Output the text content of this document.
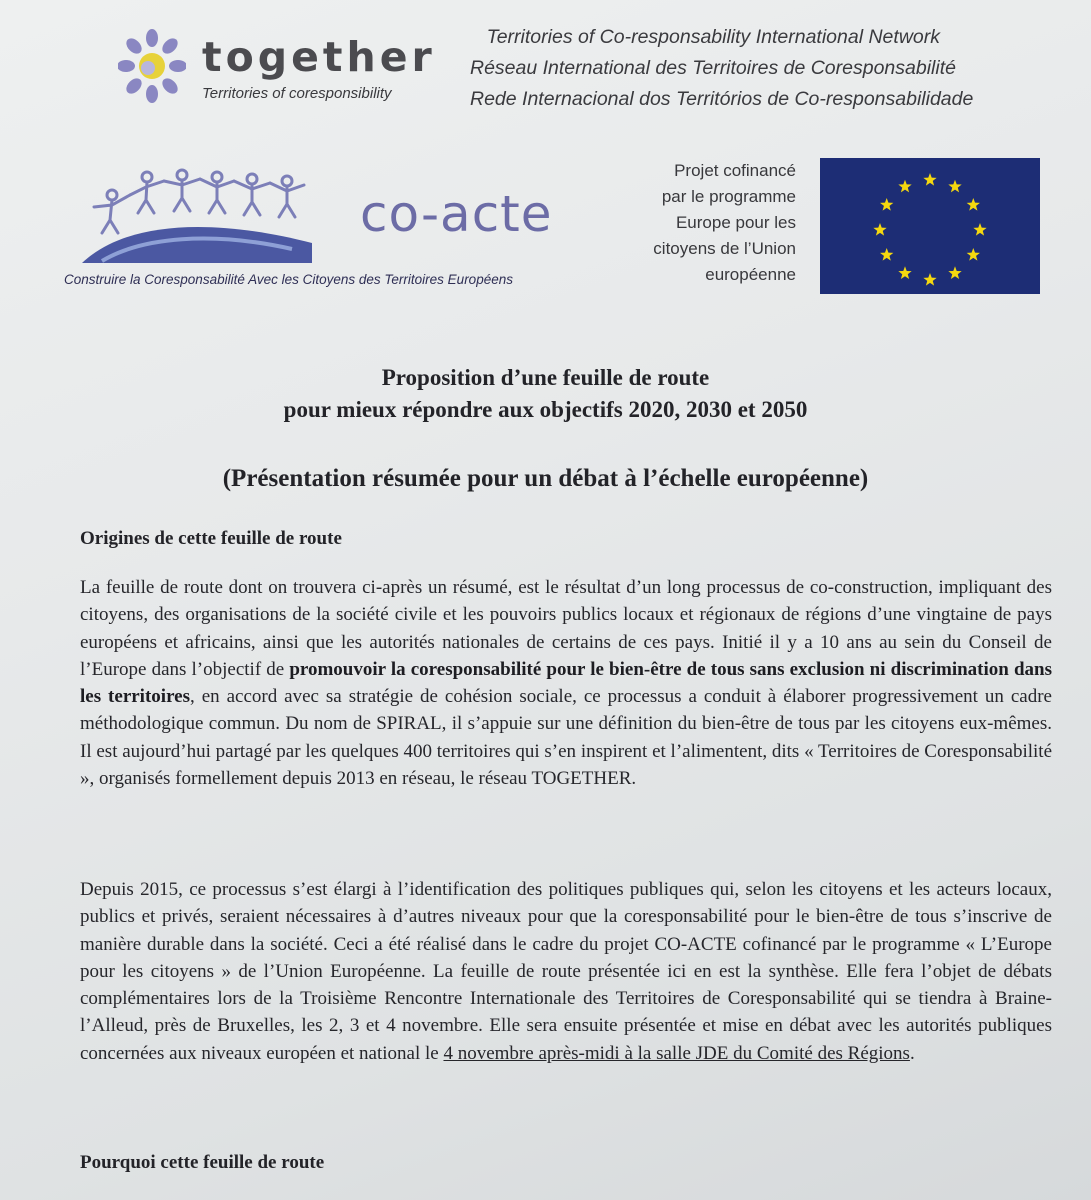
together
Territories of coresponsibility
Territories of Co-responsability International Network
Réseau International des Territoires de Coresponsabilité
Rede Internacional dos Territórios de Co-responsabilidade
co-acte
Construire la Coresponsabilité Avec les Citoyens des Territoires Européens
Projet cofinancé
par le programme
Europe pour les
citoyens de l’Union
européenne
Proposition d’une feuille de route
pour mieux répondre aux objectifs 2020, 2030 et 2050
(Présentation résumée pour un débat à l’échelle européenne)
Origines de cette feuille de route
La feuille de route dont on trouvera ci-après un résumé, est le résultat d’un long processus de co-construction, impliquant des citoyens, des organisations de la société civile et les pouvoirs publics locaux et régionaux de régions d’une vingtaine de pays européens et africains, ainsi que les autorités nationales de certains de ces pays. Initié il y a 10 ans au sein du Conseil de l’Europe dans l’objectif de promouvoir la coresponsabilité pour le bien-être de tous sans exclusion ni discrimination dans les territoires, en accord avec sa stratégie de cohésion sociale, ce processus a conduit à élaborer progressivement un cadre méthodologique commun. Du nom de SPIRAL, il s’appuie sur une définition du bien-être de tous par les citoyens eux-mêmes. Il est aujourd’hui partagé par les quelques 400 territoires qui s’en inspirent et l’alimentent, dits « Territoires de Coresponsabilité », organisés formellement depuis 2013 en réseau, le réseau TOGETHER.
Depuis 2015, ce processus s’est élargi à l’identification des politiques publiques qui, selon les citoyens et les acteurs locaux, publics et privés, seraient nécessaires à d’autres niveaux pour que la coresponsabilité pour le bien-être de tous s’inscrive de manière durable dans la société. Ceci a été réalisé dans le cadre du projet CO-ACTE cofinancé par le programme « L’Europe pour les citoyens » de l’Union Européenne. La feuille de route présentée ici en est la synthèse. Elle fera l’objet de débats complémentaires lors de la Troisième Rencontre Internationale des Territoires de Coresponsabilité qui se tiendra à Braine-l’Alleud, près de Bruxelles, les 2, 3 et 4 novembre. Elle sera ensuite présentée et mise en débat avec les autorités publiques concernées aux niveaux européen et national le 4 novembre après-midi à la salle JDE du Comité des Régions.
Pourquoi cette feuille de route
